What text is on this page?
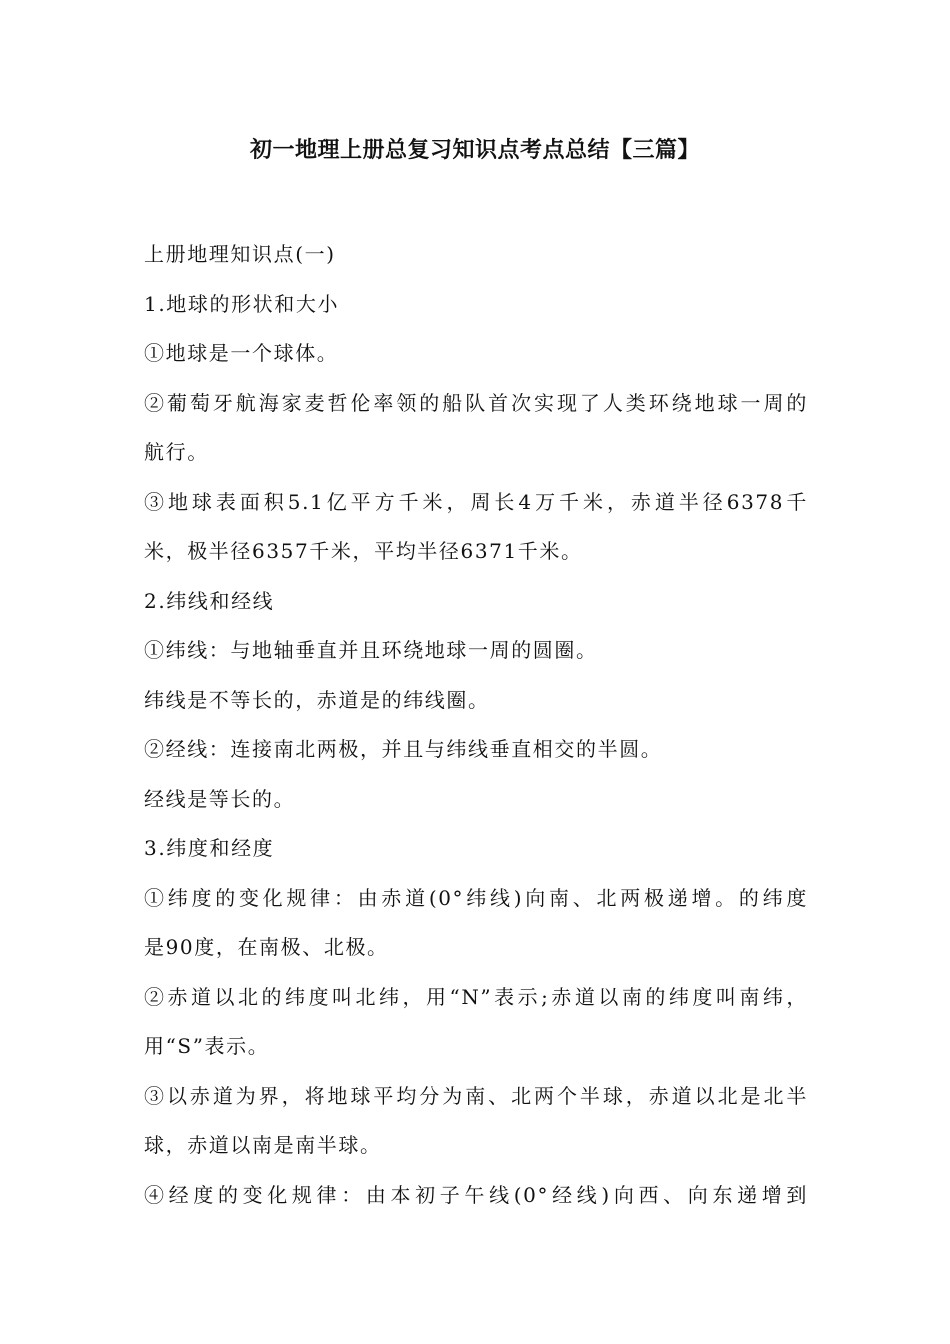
初一地理上册总复习知识点考点总结【三篇】
上册地理知识点(一)
1.地球的形状和大小
①地球是一个球体。
②葡萄牙航海家麦哲伦率领的船队首次实现了人类环绕地球一周的
航行。
③地球表面积5.1亿平方千米，周长4万千米，赤道半径6378千
米，极半径6357千米，平均半径6371千米。
2.纬线和经线
①纬线：与地轴垂直并且环绕地球一周的圆圈。
纬线是不等长的，赤道是的纬线圈。
②经线：连接南北两极，并且与纬线垂直相交的半圆。
经线是等长的。
3.纬度和经度
①纬度的变化规律：由赤道(0°纬线)向南、北两极递增。的纬度
是90度，在南极、北极。
②赤道以北的纬度叫北纬，用“N”表示;赤道以南的纬度叫南纬，
用“S”表示。
③以赤道为界，将地球平均分为南、北两个半球，赤道以北是北半
球，赤道以南是南半球。
④经度的变化规律：由本初子午线(0°经线)向西、向东递增到
